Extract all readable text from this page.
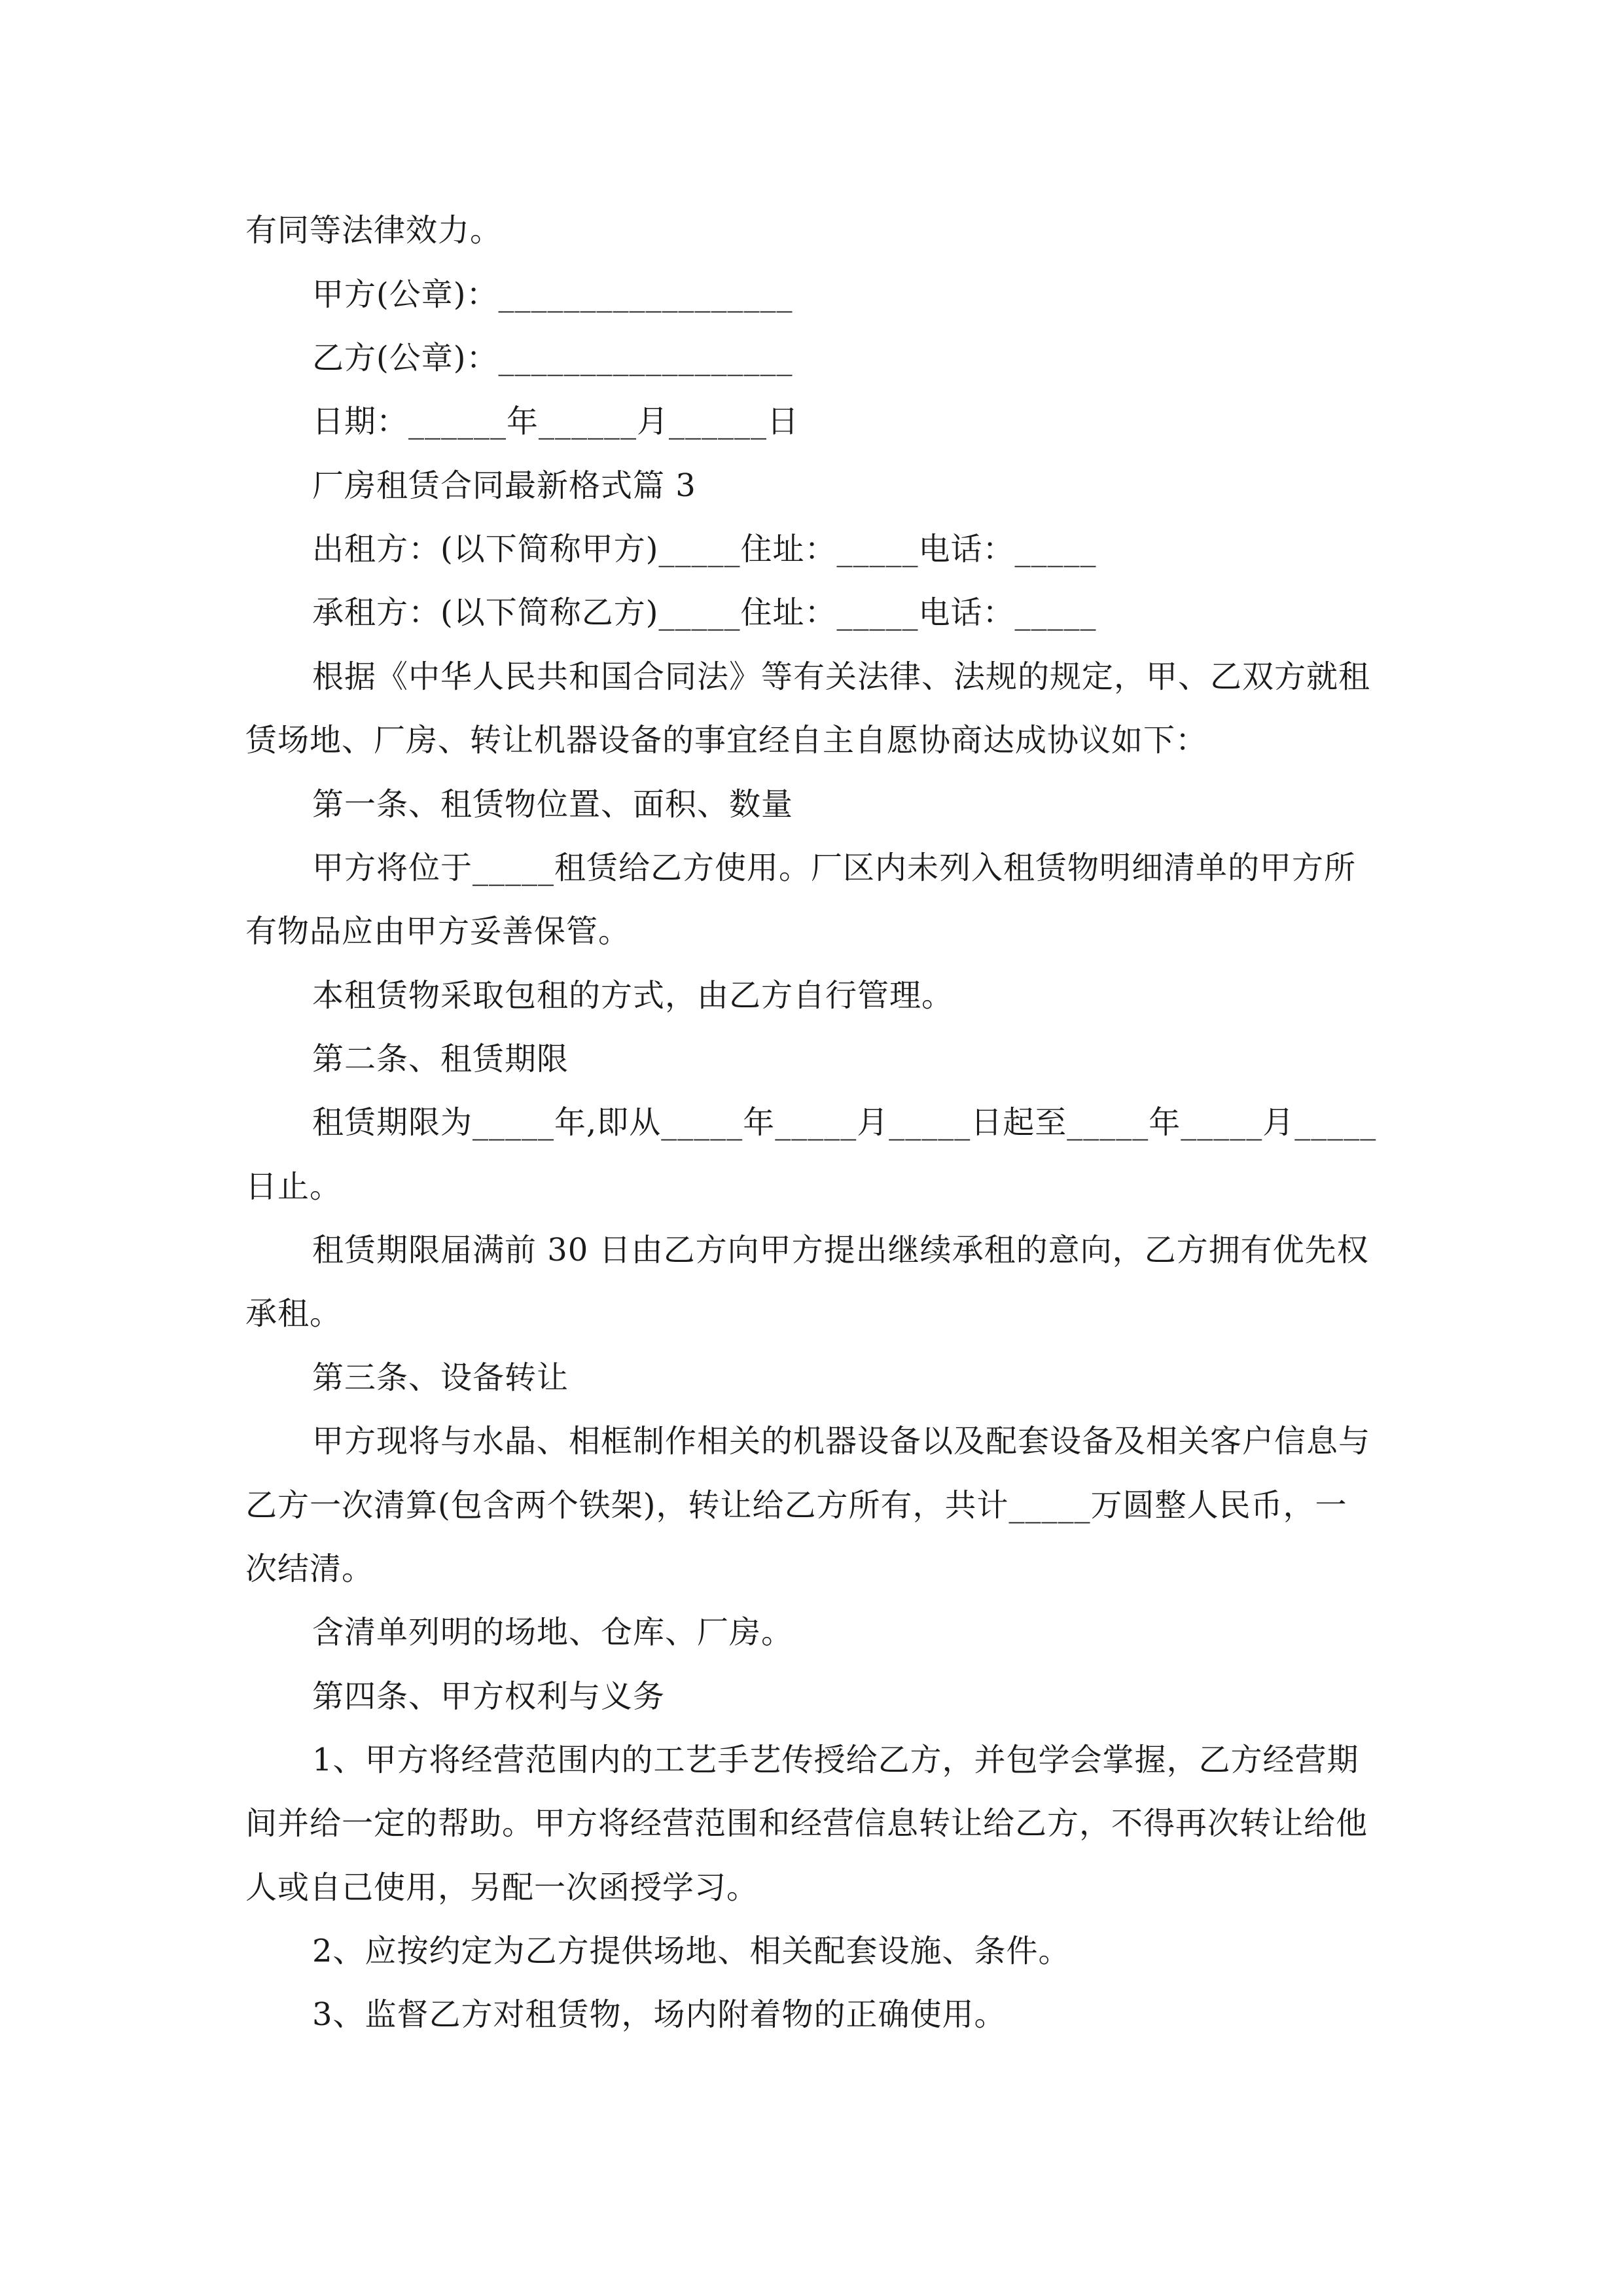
有同等法律效力。
甲方(公章)：__________________
乙方(公章)：__________________
日期：______年______月______日
厂房租赁合同最新格式篇 3
出租方：(以下简称甲方)_____住址：_____电话：_____
承租方：(以下简称乙方)_____住址：_____电话：_____
根据《中华人民共和国合同法》等有关法律、法规的规定，甲、乙双方就租
赁场地、厂房、转让机器设备的事宜经自主自愿协商达成协议如下：
第一条、租赁物位置、面积、数量
甲方将位于_____租赁给乙方使用。厂区内未列入租赁物明细清单的甲方所
有物品应由甲方妥善保管。
本租赁物采取包租的方式，由乙方自行管理。
第二条、租赁期限
租赁期限为_____年,即从_____年_____月_____日起至_____年_____月_____
日止。
租赁期限届满前 30 日由乙方向甲方提出继续承租的意向，乙方拥有优先权
承租。
第三条、设备转让
甲方现将与水晶、相框制作相关的机器设备以及配套设备及相关客户信息与
乙方一次清算(包含两个铁架)，转让给乙方所有，共计_____万圆整人民币，一
次结清。
含清单列明的场地、仓库、厂房。
第四条、甲方权利与义务
1、甲方将经营范围内的工艺手艺传授给乙方，并包学会掌握，乙方经营期
间并给一定的帮助。甲方将经营范围和经营信息转让给乙方，不得再次转让给他
人或自己使用，另配一次函授学习。
2、应按约定为乙方提供场地、相关配套设施、条件。
3、监督乙方对租赁物，场内附着物的正确使用。
